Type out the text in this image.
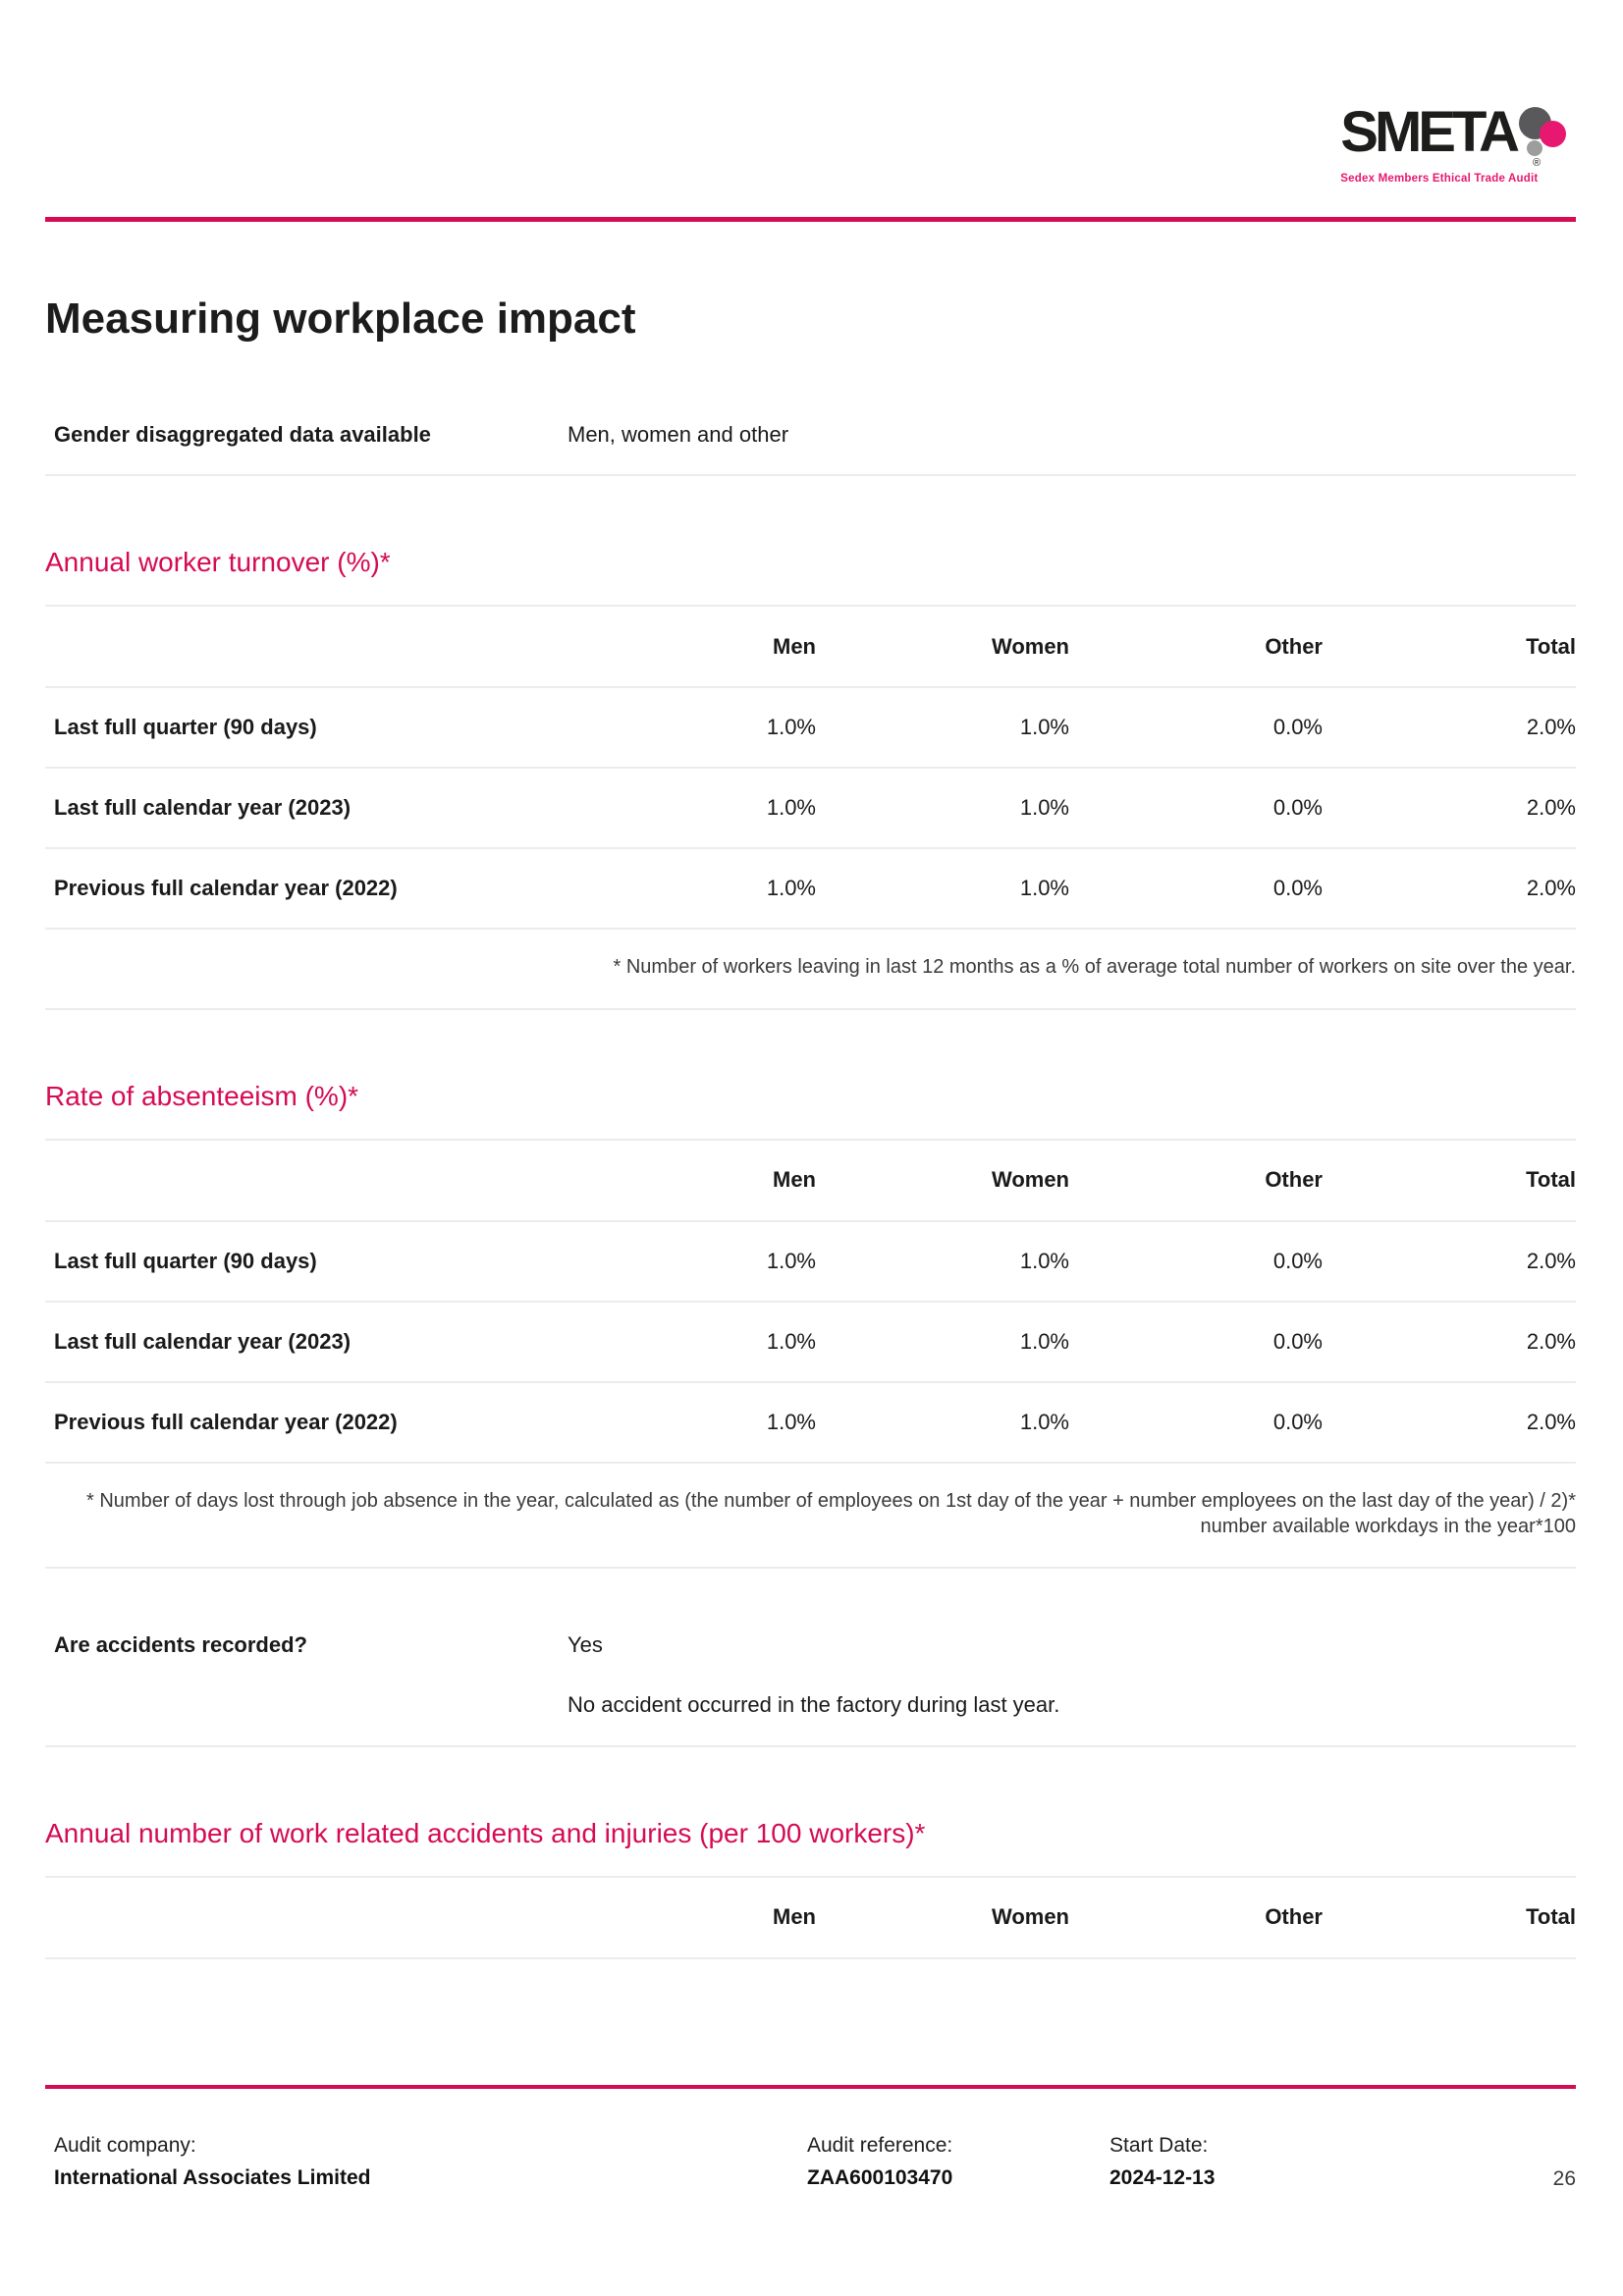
SMETA ®
Sedex Members Ethical Trade Audit
Measuring workplace impact
Gender disaggregated data available	Men, women and other
Annual worker turnover (%)*
	Men	Women	Other	Total
Last full quarter (90 days)	1.0%	1.0%	0.0%	2.0%
Last full calendar year (2023)	1.0%	1.0%	0.0%	2.0%
Previous full calendar year (2022)	1.0%	1.0%	0.0%	2.0%
* Number of workers leaving in last 12 months as a % of average total number of workers on site over the year.
Rate of absenteeism (%)*
	Men	Women	Other	Total
Last full quarter (90 days)	1.0%	1.0%	0.0%	2.0%
Last full calendar year (2023)	1.0%	1.0%	0.0%	2.0%
Previous full calendar year (2022)	1.0%	1.0%	0.0%	2.0%
* Number of days lost through job absence in the year, calculated as (the number of employees on 1st day of the year + number employees on the last day of the year) / 2)* number available workdays in the year*100
Are accidents recorded?	Yes
No accident occurred in the factory during last year.
Annual number of work related accidents and injuries (per 100 workers)*
	Men	Women	Other	Total
Audit company:
International Associates Limited
Audit reference:
ZAA600103470
Start Date:
2024-12-13	26
